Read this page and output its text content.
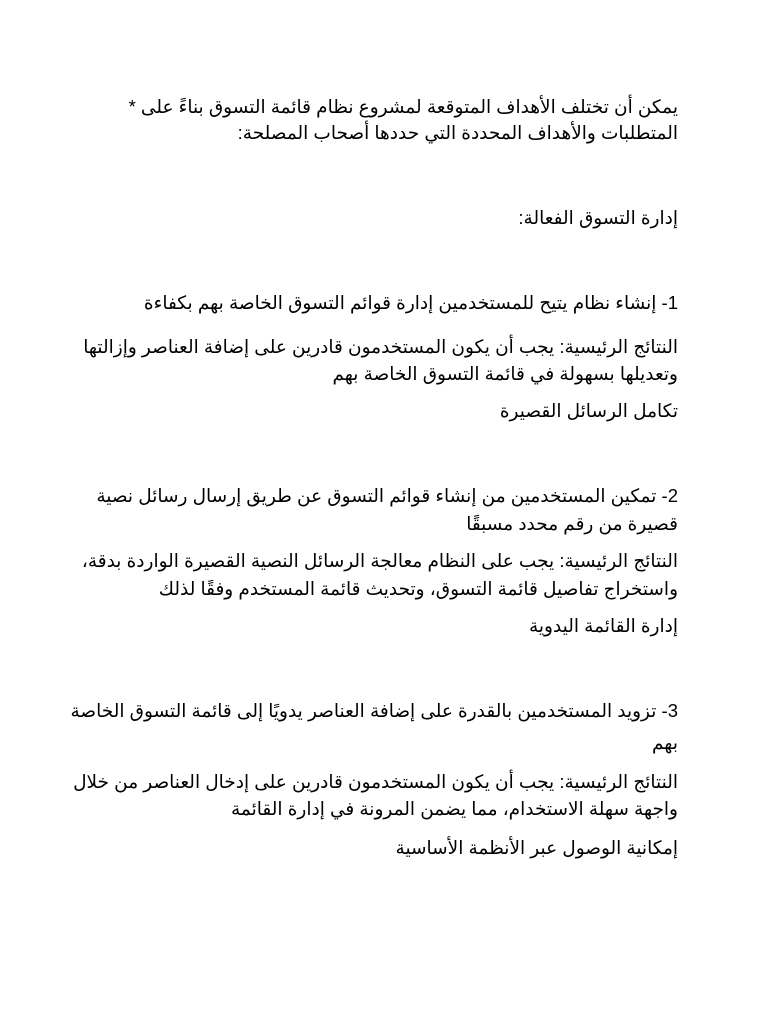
يمكن أن تختلف الأهداف المتوقعة لمشروع نظام قائمة التسوق بناءً على *
المتطلبات والأهداف المحددة التي حددها أصحاب المصلحة:
إدارة التسوق الفعالة:
1- إنشاء نظام يتيح للمستخدمين إدارة قوائم التسوق الخاصة بهم بكفاءة
النتائج الرئيسية: يجب أن يكون المستخدمون قادرين على إضافة العناصر وإزالتها
وتعديلها بسهولة في قائمة التسوق الخاصة بهم
تكامل الرسائل القصيرة
2- تمكين المستخدمين من إنشاء قوائم التسوق عن طريق إرسال رسائل نصية
قصيرة من رقم محدد مسبقًا
النتائج الرئيسية: يجب على النظام معالجة الرسائل النصية القصيرة الواردة بدقة،
واستخراج تفاصيل قائمة التسوق، وتحديث قائمة المستخدم وفقًا لذلك
إدارة القائمة اليدوية
3- تزويد المستخدمين بالقدرة على إضافة العناصر يدويًا إلى قائمة التسوق الخاصة
بهم
النتائج الرئيسية: يجب أن يكون المستخدمون قادرين على إدخال العناصر من خلال
واجهة سهلة الاستخدام، مما يضمن المرونة في إدارة القائمة
إمكانية الوصول عبر الأنظمة الأساسية
